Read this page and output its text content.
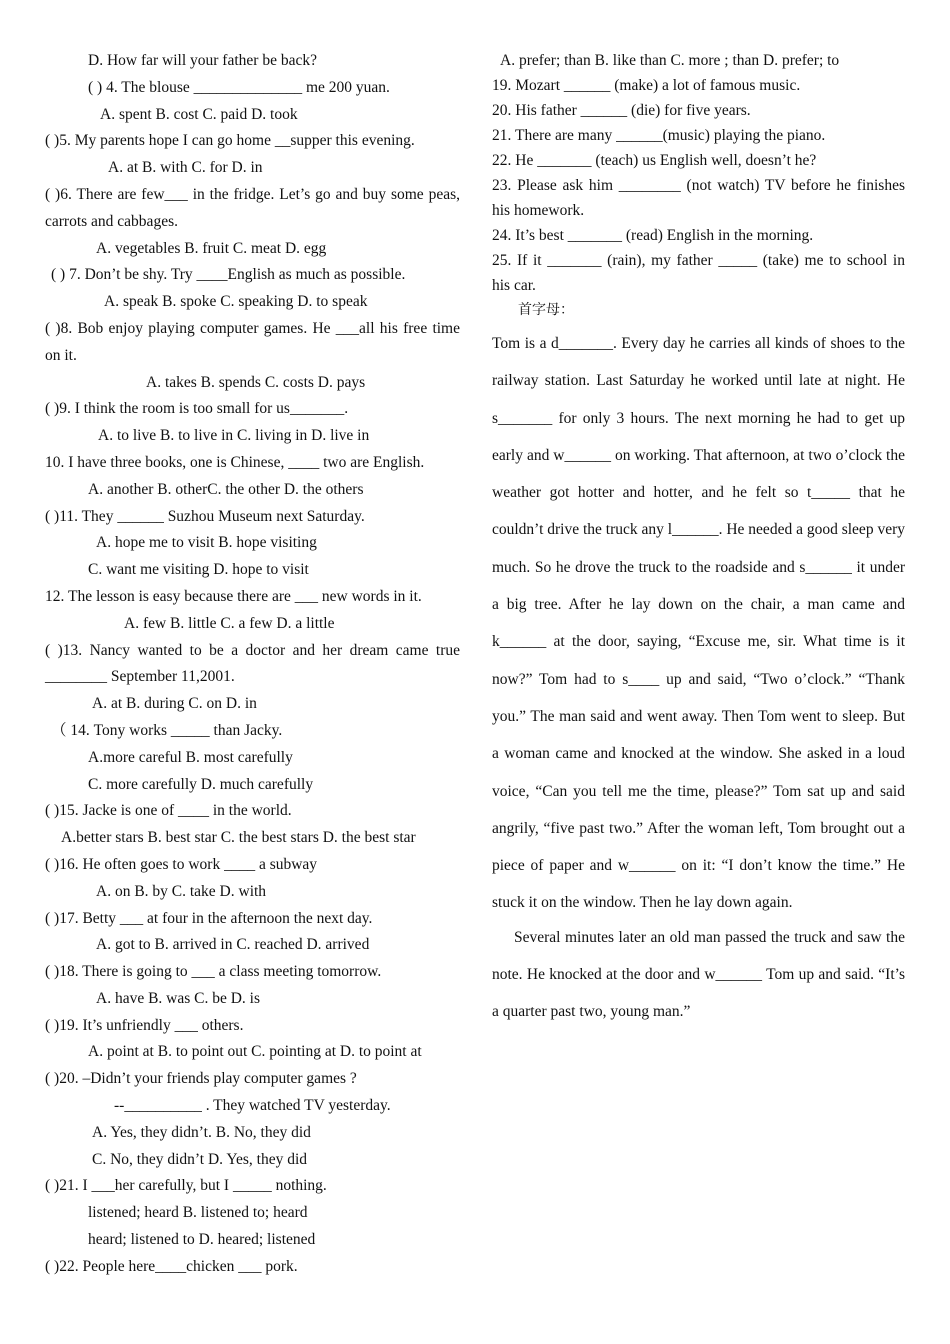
D. How far will your father be back?
( ) 4. The blouse ______________ me 200 yuan.
A. spent B. cost C. paid D. took
( )5. My parents hope I can go home __supper this evening.
A. at B. with C. for D. in
( )6. There are few___ in the fridge. Let’s go and buy some peas, carrots and cabbages.
A. vegetables B. fruit C. meat D. egg
( ) 7. Don’t be shy. Try ____English as much as possible.
A. speak B. spoke C. speaking D. to speak
( )8. Bob enjoy playing computer games. He ___all his free time on it.
A. takes B. spends C. costs D. pays
( )9. I think the room is too small for us_______.
A. to live B. to live in C. living in D. live in
10. I have three books, one is Chinese, ____ two are English.
A. another B. otherC. the other D. the others
( )11. They ______ Suzhou Museum next Saturday.
A. hope me to visit B. hope visiting
C. want me visiting D. hope to visit
12. The lesson is easy because there are ___ new words in it.
A. few B. little C. a few D. a little
( )13. Nancy wanted to be a doctor and her dream came true ________ September 11,2001.
A. at B. during C. on D. in
（ 14. Tony works _____ than Jacky.
A.more careful B. most carefully
C. more carefully D. much carefully
( )15. Jacke is one of ____ in the world.
A.better stars B. best star C. the best stars D. the best star
( )16. He often goes to work ____ a subway
A. on B. by C. take D. with
( )17. Betty ___ at four in the afternoon the next day.
A. got to B. arrived in C. reached D. arrived
( )18. There is going to ___ a class meeting tomorrow.
A. have B. was C. be D. is
( )19. It’s unfriendly ___ others.
A. point at B. to point out C. pointing at D. to point at
( )20. –Didn’t your friends play computer games ?
--__________ . They watched TV yesterday.
A. Yes, they didn’t. B. No, they did
C. No, they didn’t D. Yes, they did
( )21. I ___her carefully, but I _____ nothing.
listened; heard B. listened to; heard
heard; listened to D. heared; listened
( )22. People here____chicken ___ pork.
A. prefer; than B. like than C. more ; than D. prefer; to
19. Mozart ______ (make) a lot of famous music.
20. His father ______ (die) for five years.
21. There are many ______(music) playing the piano.
22. He _______ (teach) us English well, doesn’t he?
23. Please ask him ________ (not watch) TV before he finishes his homework.
24. It’s best _______ (read) English in the morning.
25. If it _______ (rain), my father _____ (take) me to school in his car.
首字母：

Tom is a d_______. Every day he carries all kinds of shoes to the railway station. Last Saturday he worked until late at night. He s_______ for only 3 hours. The next morning he had to get up early and w______ on working. That afternoon, at two o’clock the weather got hotter and hotter, and he felt so t_____ that he couldn’t drive the truck any l______. He needed a good sleep very much. So he drove the truck to the roadside and s______ it under a big tree. After he lay down on the chair, a man came and k______ at the door, saying, “Excuse me, sir. What time is it now?” Tom had to s____ up and said, “Two o’clock.” “Thank you.” The man said and went away. Then Tom went to sleep. But a woman came and knocked at the window. She asked in a loud voice, “Can you tell me the time, please?” Tom sat up and said angrily, “five past two.” After the woman left, Tom brought out a piece of paper and w______ on it: “I don’t know the time.” He stuck it on the window. Then he lay down again.

Several minutes later an old man passed the truck and saw the note. He knocked at the door and w______ Tom up and said. “It’s a quarter past two, young man.”
